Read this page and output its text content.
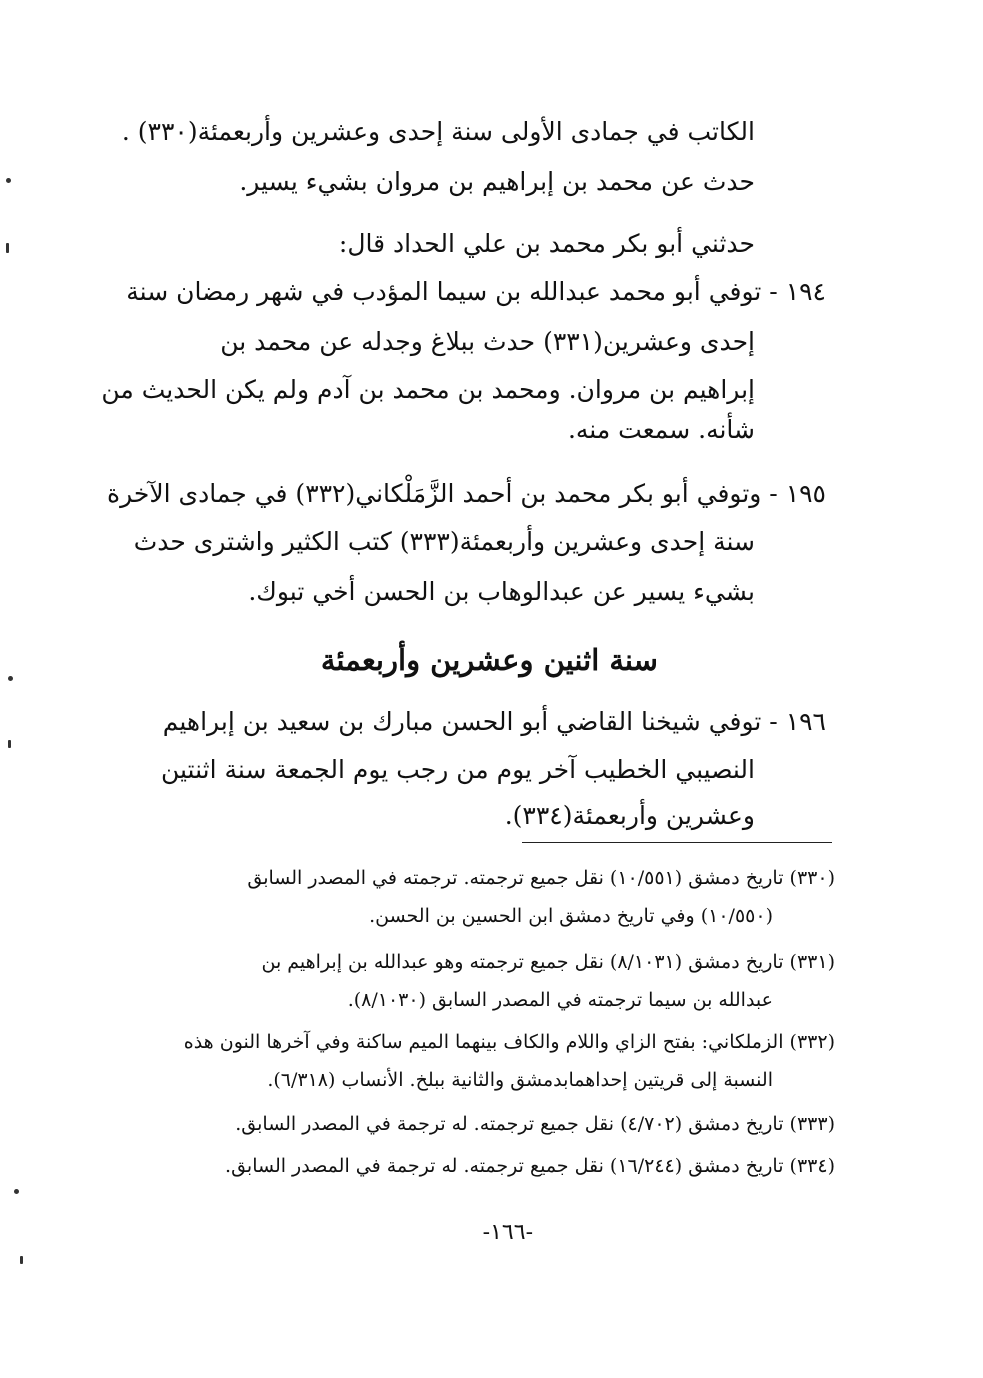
الكاتب في جمادى الأولى سنة إحدى وعشرين وأربعمئة(٣٣٠) .
حدث عن محمد بن إبراهيم بن مروان بشيء يسير.
حدثني أبو بكر محمد بن علي الحداد قال:
١٩٤ - توفي أبو محمد عبدالله بن سيما المؤدب في شهر رمضان سنة
إحدى وعشرين(٣٣١) حدث ببلاغ وجدله عن محمد بن
إبراهيم بن مروان. ومحمد بن محمد بن آدم ولم يكن الحديث من
شأنه. سمعت منه.
١٩٥ - وتوفي أبو بكر محمد بن أحمد الزَّمَلْكاني(٣٣٢) في جمادى الآخرة
سنة إحدى وعشرين وأربعمئة(٣٣٣) كتب الكثير واشترى حدث
بشيء يسير عن عبدالوهاب بن الحسن أخي تبوك.
سنة اثنين وعشرين وأربعمئة
١٩٦ - توفي شيخنا القاضي أبو الحسن مبارك بن سعيد بن إبراهيم
النصيبي الخطيب آخر يوم من رجب يوم الجمعة سنة اثنتين
وعشرين وأربعمئة(٣٣٤).
(٣٣٠) تاريخ دمشق (١٠/٥٥١) نقل جميع ترجمته. ترجمته في المصدر السابق
(١٠/٥٥٠) وفي تاريخ دمشق ابن الحسين بن الحسن.
(٣٣١) تاريخ دمشق (٨/١٠٣١) نقل جميع ترجمته وهو عبدالله بن إبراهيم بن
عبدالله بن سيما ترجمته في المصدر السابق (٨/١٠٣٠).
(٣٣٢) الزملكاني: بفتح الزاي واللام والكاف بينهما الميم ساكنة وفي آخرها النون هذه
النسبة إلى قريتين إحداهمابدمشق والثانية ببلخ. الأنساب (٦/٣١٨).
(٣٣٣) تاريخ دمشق (٤/٧٠٢) نقل جميع ترجمته. له ترجمة في المصدر السابق.
(٣٣٤) تاريخ دمشق (١٦/٢٤٤) نقل جميع ترجمته. له ترجمة في المصدر السابق.
-١٦٦-
